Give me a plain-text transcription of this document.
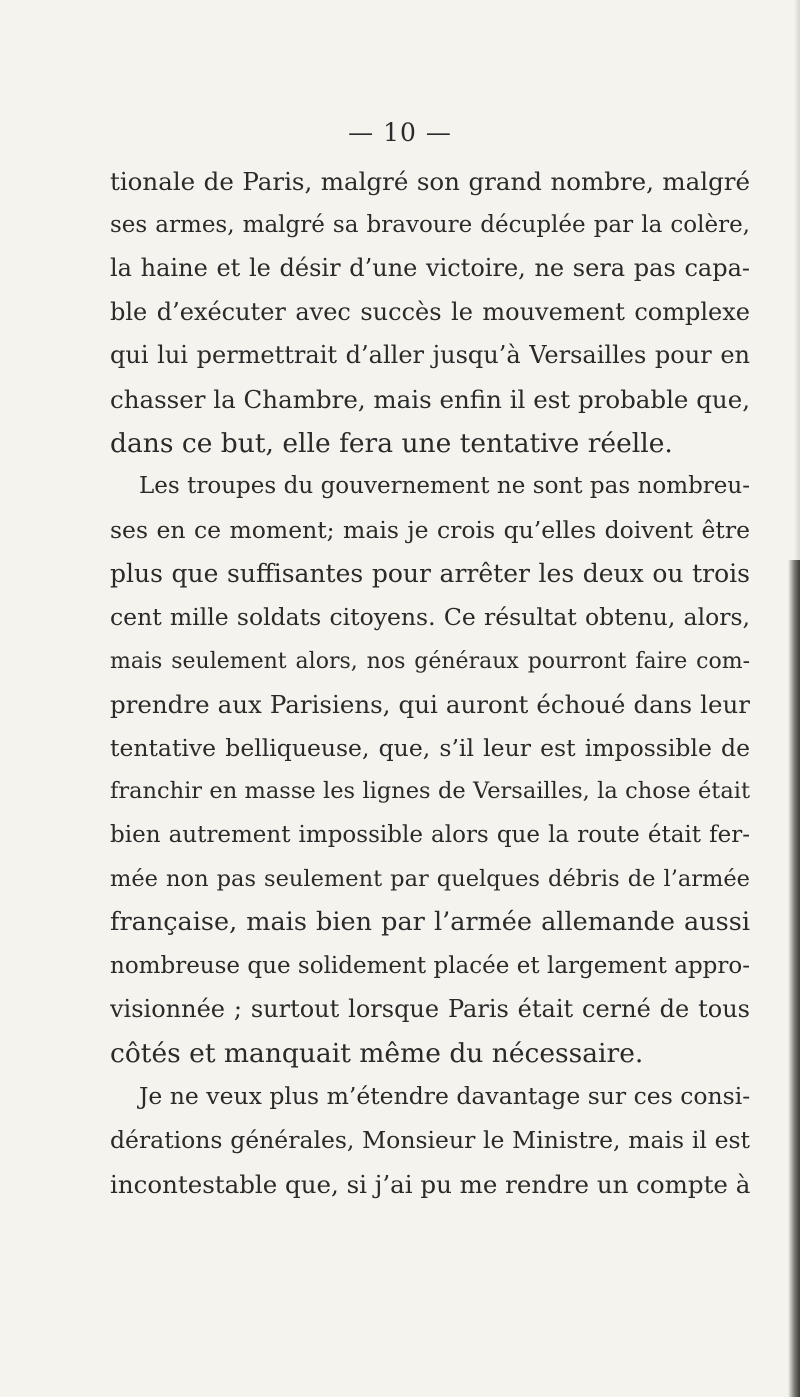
— 10 —
tionale de Paris, malgré son grand nombre, malgré
ses armes, malgré sa bravoure décuplée par la colère,
la haine et le désir d’une victoire, ne sera pas capa-
ble d’exécuter avec succès le mouvement complexe
qui lui permettrait d’aller jusqu’à Versailles pour en
chasser la Chambre, mais enfin il est probable que,
dans ce but, elle fera une tentative réelle.
Les troupes du gouvernement ne sont pas nombreu-
ses en ce moment; mais je crois qu’elles doivent être
plus que suffisantes pour arrêter les deux ou trois
cent mille soldats citoyens. Ce résultat obtenu, alors,
mais seulement alors, nos généraux pourront faire com-
prendre aux Parisiens, qui auront échoué dans leur
tentative belliqueuse, que, s’il leur est impossible de
franchir en masse les lignes de Versailles, la chose était
bien autrement impossible alors que la route était fer-
mée non pas seulement par quelques débris de l’armée
française, mais bien par l’armée allemande aussi
nombreuse que solidement placée et largement appro-
visionnée ; surtout lorsque Paris était cerné de tous
côtés et manquait même du nécessaire.
Je ne veux plus m’étendre davantage sur ces consi-
dérations générales, Monsieur le Ministre, mais il est
incontestable que, si j’ai pu me rendre un compte à
